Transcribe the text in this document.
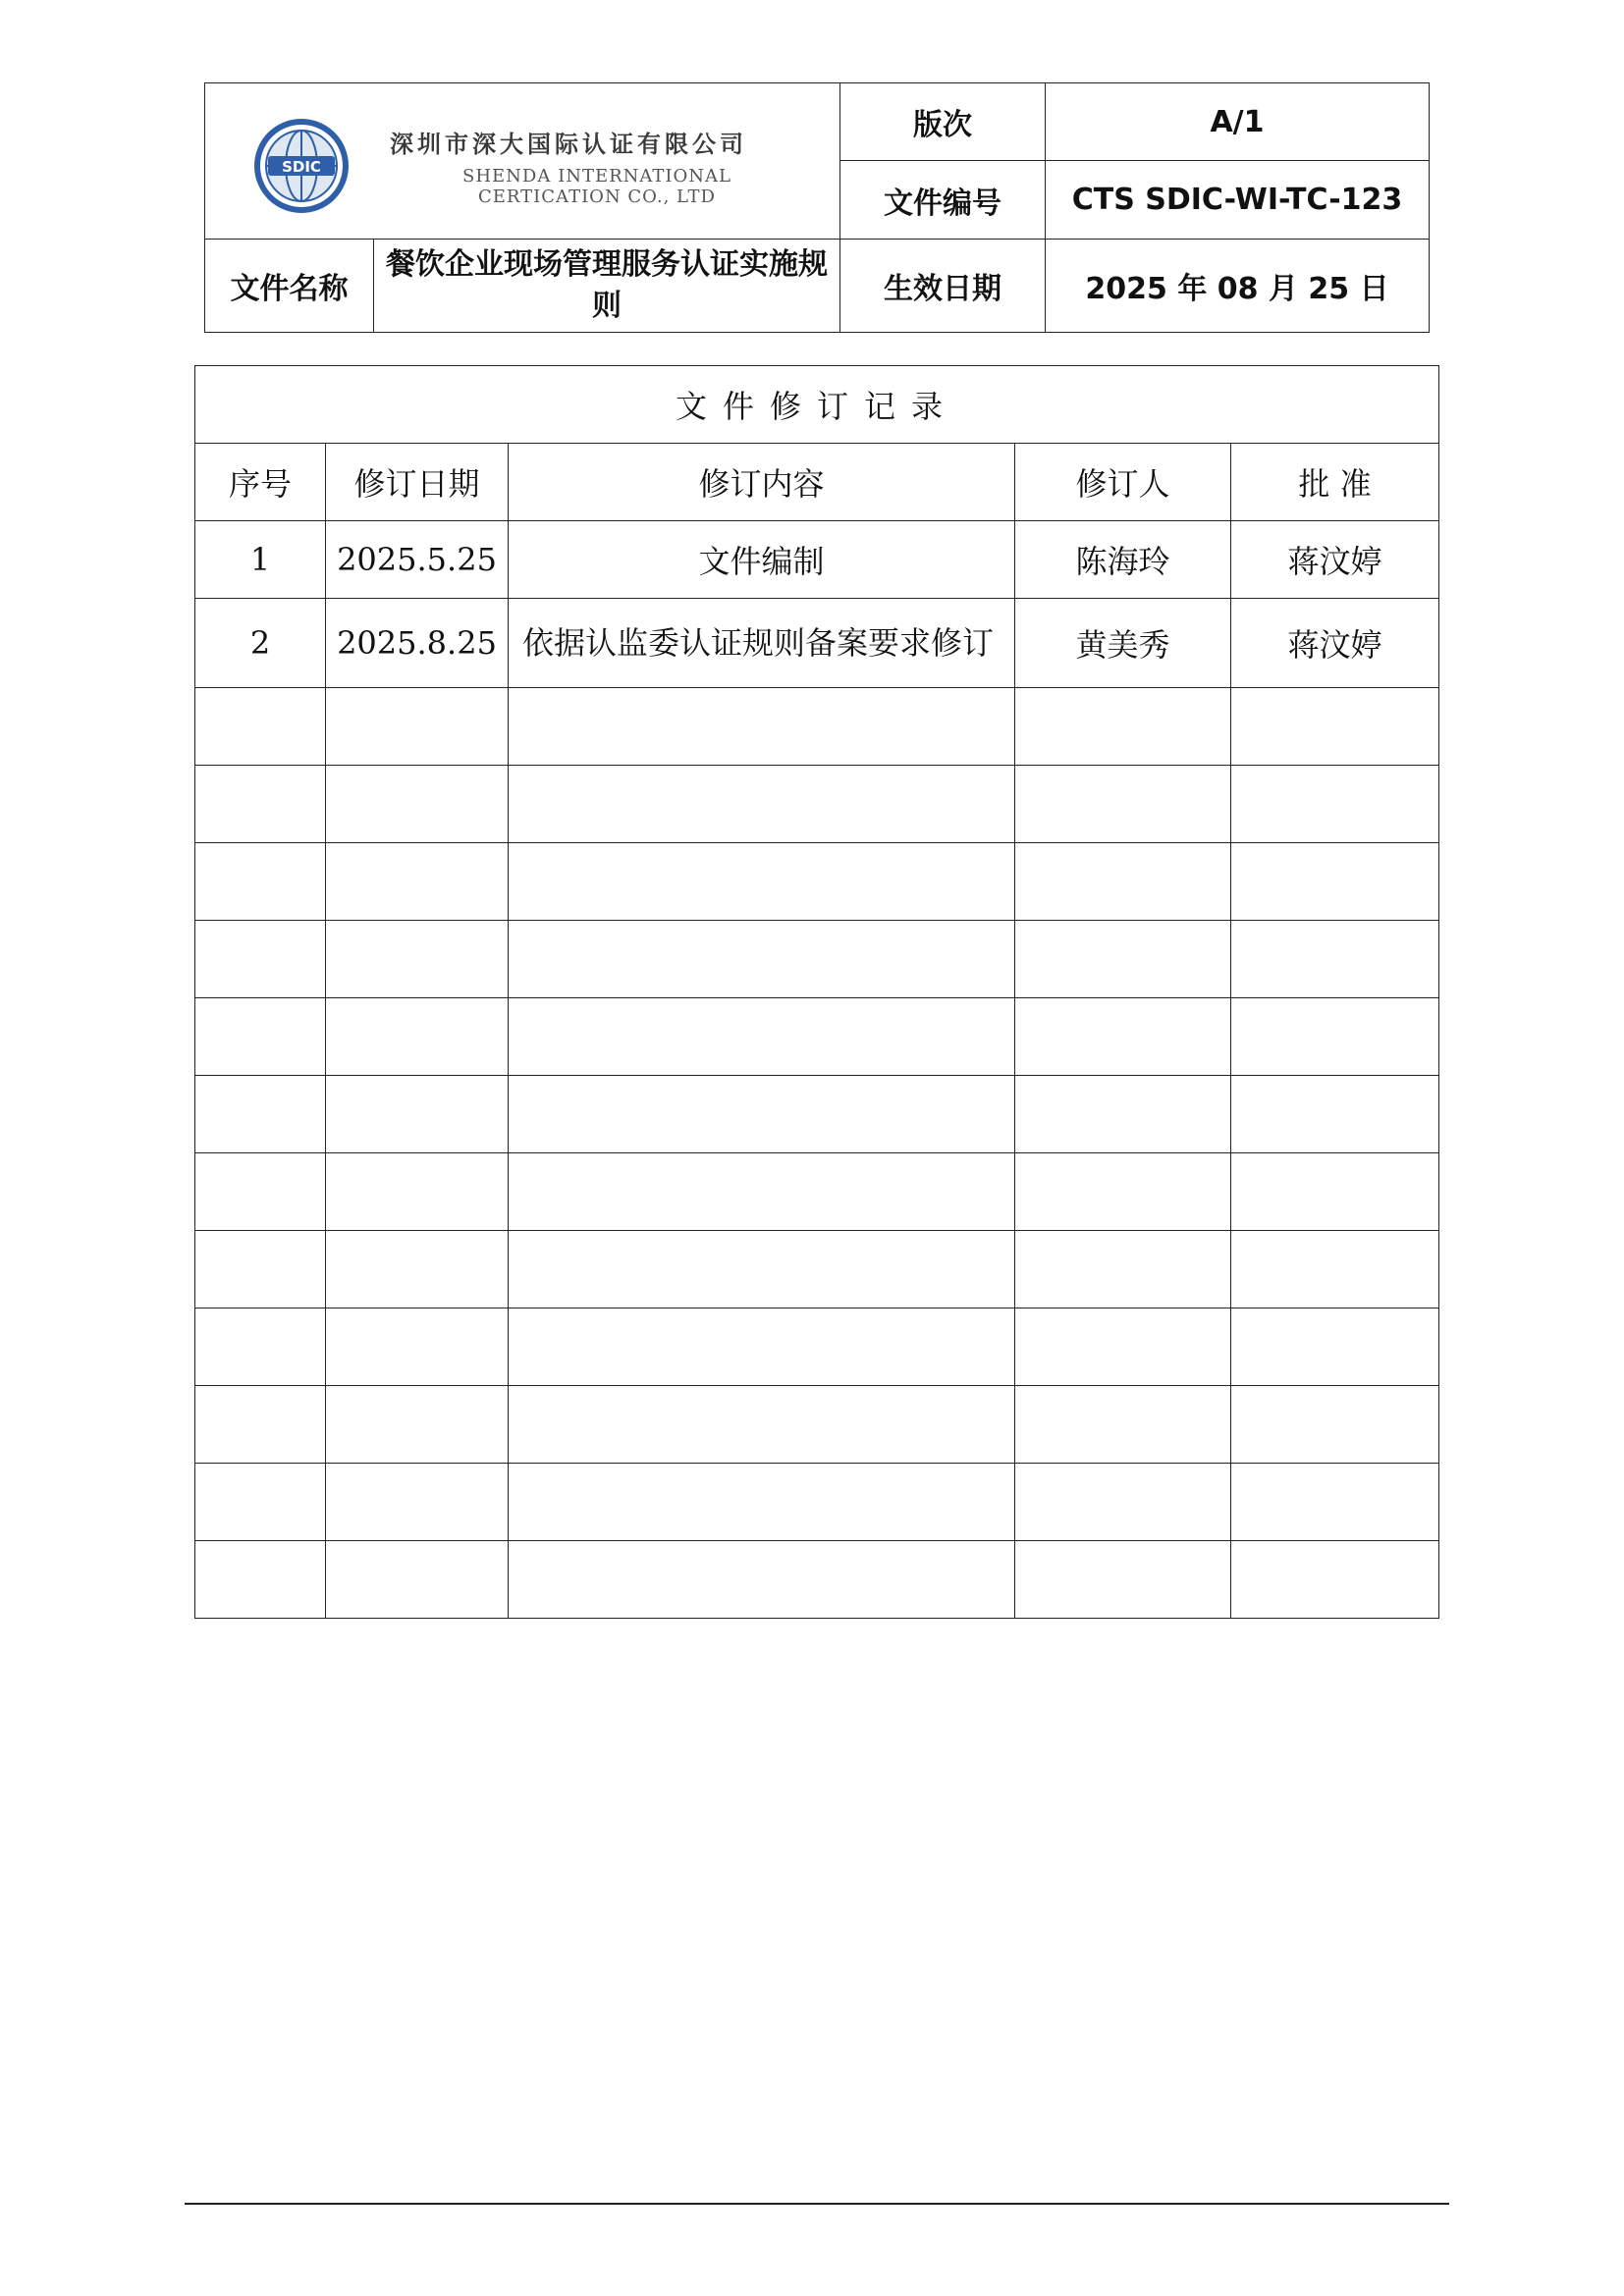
SDIC
深圳市深大国际认证有限公司
SHENDA INTERNATIONAL CERTICATION CO., LTD		版次	A/1
		文件编号	CTS SDIC-WI-TC-123
文件名称	餐饮企业现场管理服务认证实施规则	生效日期	2025 年 08 月 25 日
文件修订记录				
序号	修订日期	修订内容	修订人	批 准
1	2025.5.25	文件编制	陈海玲	蒋汶婷
2	2025.8.25	依据认监委认证规则备案要求修订	黄美秀	蒋汶婷
